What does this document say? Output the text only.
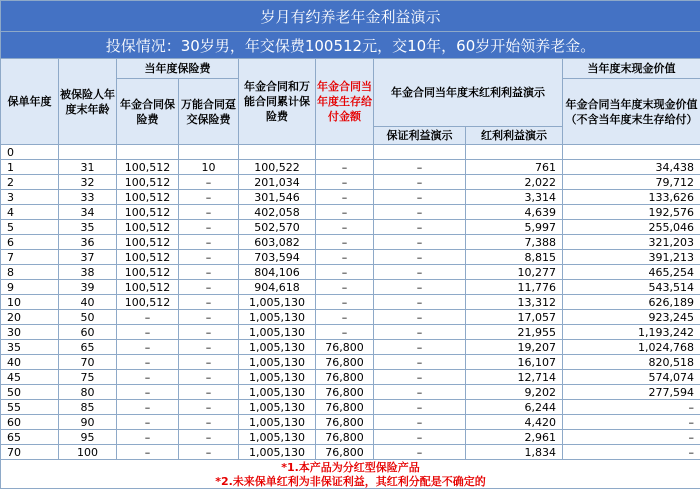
岁月有约养老年金利益演示								
投保情况：30岁男，年交保费100512元，交10年，60岁开始领养老金。								
保单年度	被保险人年度末年龄	当年度保险费		年金合同和万能合同累计保险费	年金合同当年度生存给付金额	年金合同当年度末红利利益演示		当年度末现金价值
		年金合同保险费	万能合同趸交保险费					年金合同当年度末现金价值（不含当年度末生存给付）
						保证利益演示	红利利益演示	
0								
1	31	100,512	10	100,522	–	–	761	34,438
2	32	100,512	–	201,034	–	–	2,022	79,712
3	33	100,512	–	301,546	–	–	3,314	133,626
4	34	100,512	–	402,058	–	–	4,639	192,576
5	35	100,512	–	502,570	–	–	5,997	255,046
6	36	100,512	–	603,082	–	–	7,388	321,203
7	37	100,512	–	703,594	–	–	8,815	391,213
8	38	100,512	–	804,106	–	–	10,277	465,254
9	39	100,512	–	904,618	–	–	11,776	543,514
10	40	100,512	–	1,005,130	–	–	13,312	626,189
20	50	–	–	1,005,130	–	–	17,057	923,245
30	60	–	–	1,005,130	–	–	21,955	1,193,242
35	65	–	–	1,005,130	76,800	–	19,207	1,024,768
40	70	–	–	1,005,130	76,800	–	16,107	820,518
45	75	–	–	1,005,130	76,800	–	12,714	574,074
50	80	–	–	1,005,130	76,800	–	9,202	277,594
55	85	–	–	1,005,130	76,800	–	6,244	–
60	90	–	–	1,005,130	76,800	–	4,420	–
65	95	–	–	1,005,130	76,800	–	2,961	–
70	100	–	–	1,005,130	76,800	–	1,834	–
*1.本产品为分红型保险产品								
*2.未来保单红利为非保证利益，其红利分配是不确定的								
